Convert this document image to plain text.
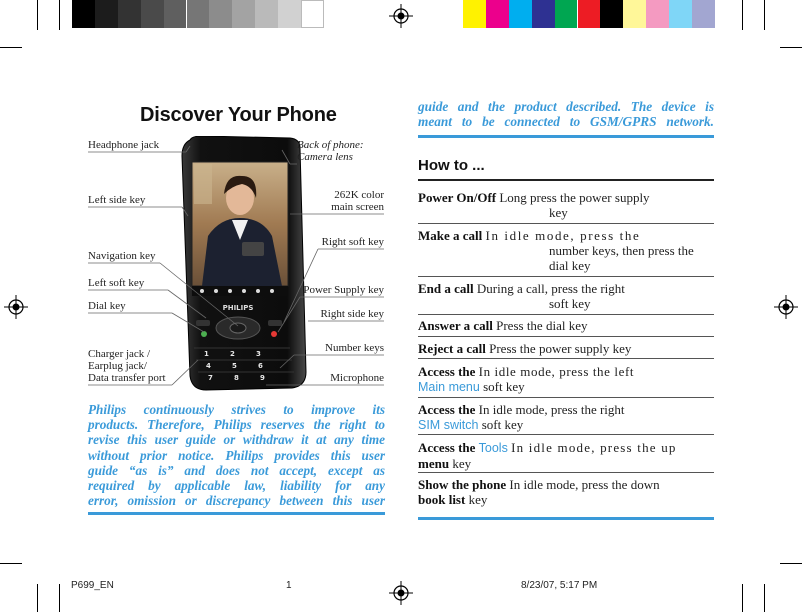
Discover Your Phone
PHILIPS
1	2	3
4	5	6
7	8	9
Headphone jack	Back of phone:
Camera lens
Left side key	262K color
main screen
Right soft key
Navigation key
Left soft key
Power Supply key
Dial key
Right side key
Number keys
Charger jack /
Earplug jack/
Data transfer port	Microphone
Philips continuously strives to improve its
products. Therefore, Philips reserves the right to
revise this user guide or withdraw it at any time
without prior notice. Philips provides this user
guide “as is” and does not accept, except as
required by applicable law, liability for any
error, omission or discrepancy between this user
guide and the product described. The device is
meant to be connected to GSM/GPRS network.
How to ...
Power On/Off Long press the power supply
key
Make a call In idle mode, press the
number keys, then press the
dial key
End a call During a call, press the right
soft key
Answer a call Press the dial key
Reject a call Press the power supply key
Access the In idle mode, press the left
Main menu soft key
Access the In idle mode, press the right
SIM switch soft key
Access the Tools In idle mode, press the up
menu key
Show the phone In idle mode, press the down
book list key
P699_EN	1	8/23/07, 5:17 PM
